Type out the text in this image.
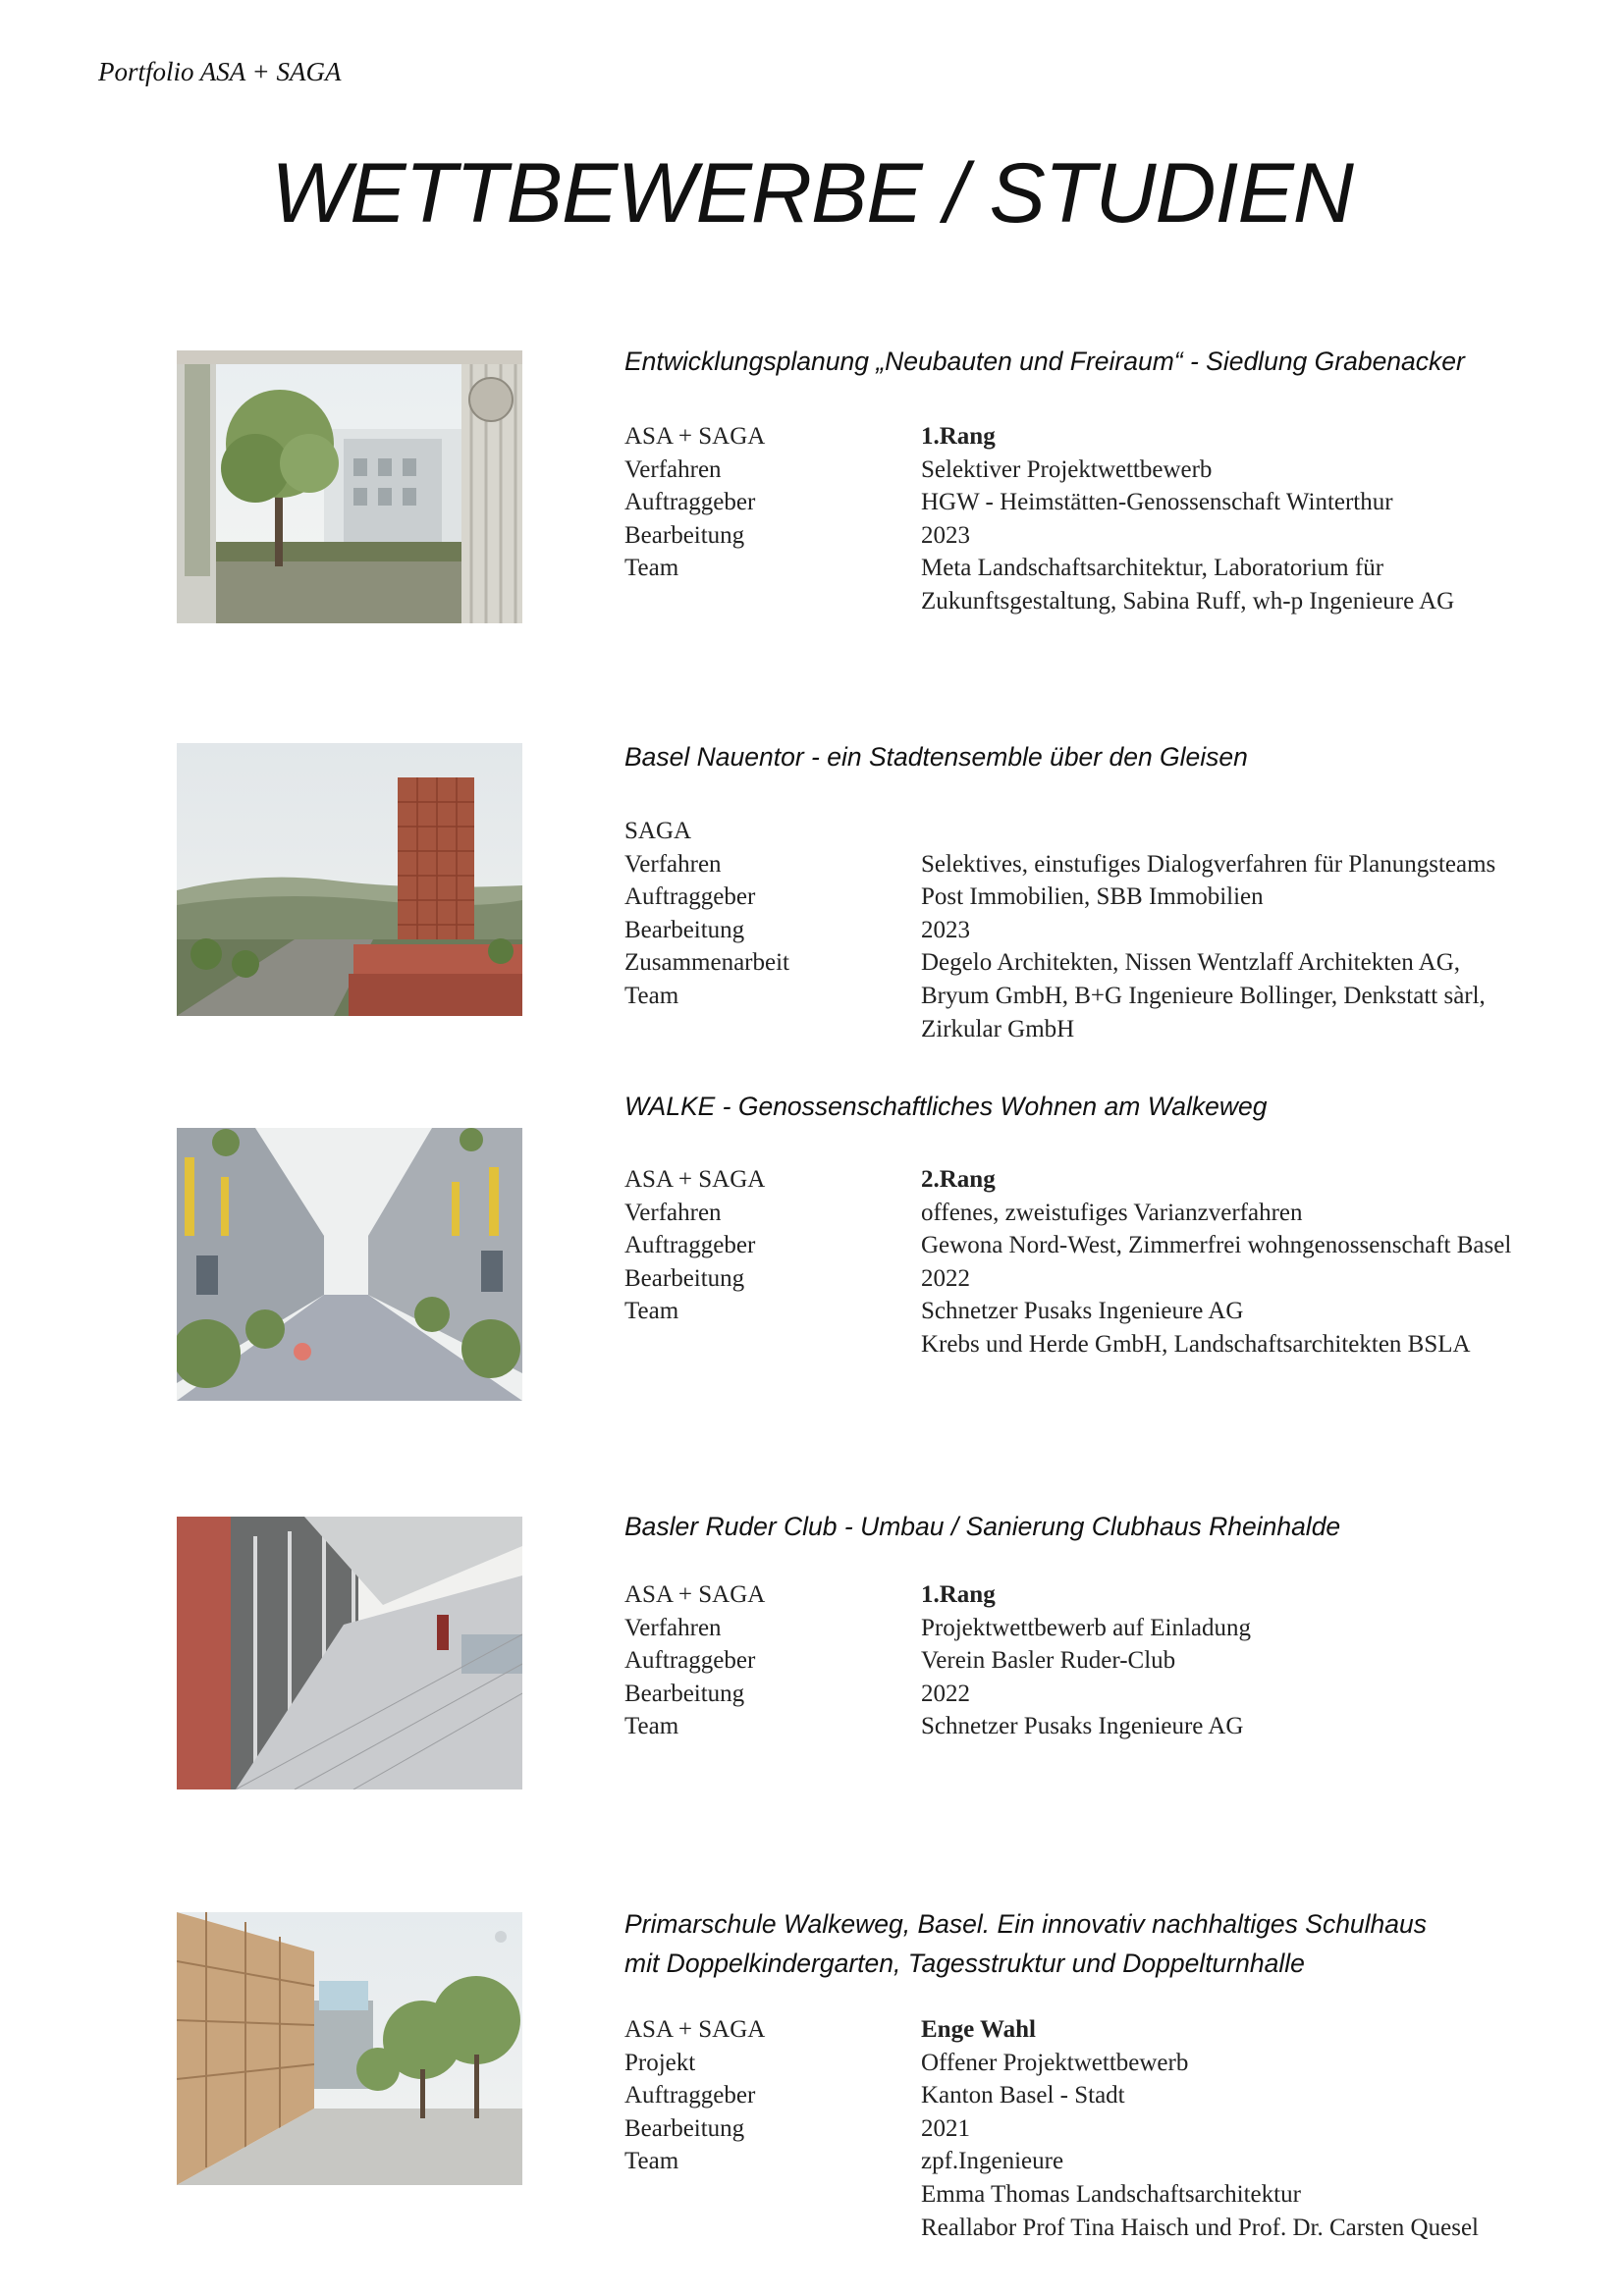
Portfolio ASA + SAGA
WETTBEWERBE / STUDIEN
Entwicklungsplanung „Neubauten und Freiraum“ - Siedlung Grabenacker
ASA + SAGA	1.Rang
Verfahren	Selektiver Projektwettbewerb
Auftraggeber	HGW - Heimstätten-Genossenschaft Winterthur
Bearbeitung	2023
Team	Meta Landschaftsarchitektur, Laboratorium für
Zukunftsgestaltung, Sabina Ruff, wh-p Ingenieure AG
Basel Nauentor - ein Stadtensemble über den Gleisen
SAGA
Verfahren	Selektives, einstufiges Dialogverfahren für Planungsteams
Auftraggeber	Post Immobilien, SBB Immobilien
Bearbeitung	2023
Zusammenarbeit	Degelo Architekten, Nissen Wentzlaff Architekten AG,
Team	Bryum GmbH, B+G Ingenieure Bollinger, Denkstatt sàrl,
Zirkular GmbH
WALKE - Genossenschaftliches Wohnen am Walkeweg
ASA + SAGA	2.Rang
Verfahren	offenes, zweistufiges Varianzverfahren
Auftraggeber	Gewona Nord-West, Zimmerfrei wohngenossenschaft Basel
Bearbeitung	2022
Team	Schnetzer Pusaks Ingenieure AG
Krebs und Herde GmbH, Landschaftsarchitekten BSLA
Basler Ruder Club - Umbau / Sanierung Clubhaus Rheinhalde
ASA + SAGA	1.Rang
Verfahren	Projektwettbewerb auf Einladung
Auftraggeber	Verein Basler Ruder-Club
Bearbeitung	2022
Team	Schnetzer Pusaks Ingenieure AG
Primarschule Walkeweg, Basel. Ein innovativ nachhaltiges Schulhaus
mit Doppelkindergarten, Tagesstruktur und Doppelturnhalle
ASA + SAGA	Enge Wahl
Projekt	Offener Projektwettbewerb
Auftraggeber	Kanton Basel - Stadt
Bearbeitung	2021
Team	zpf.Ingenieure
Emma Thomas Landschaftsarchitektur
Reallabor Prof Tina Haisch und Prof. Dr. Carsten Quesel
